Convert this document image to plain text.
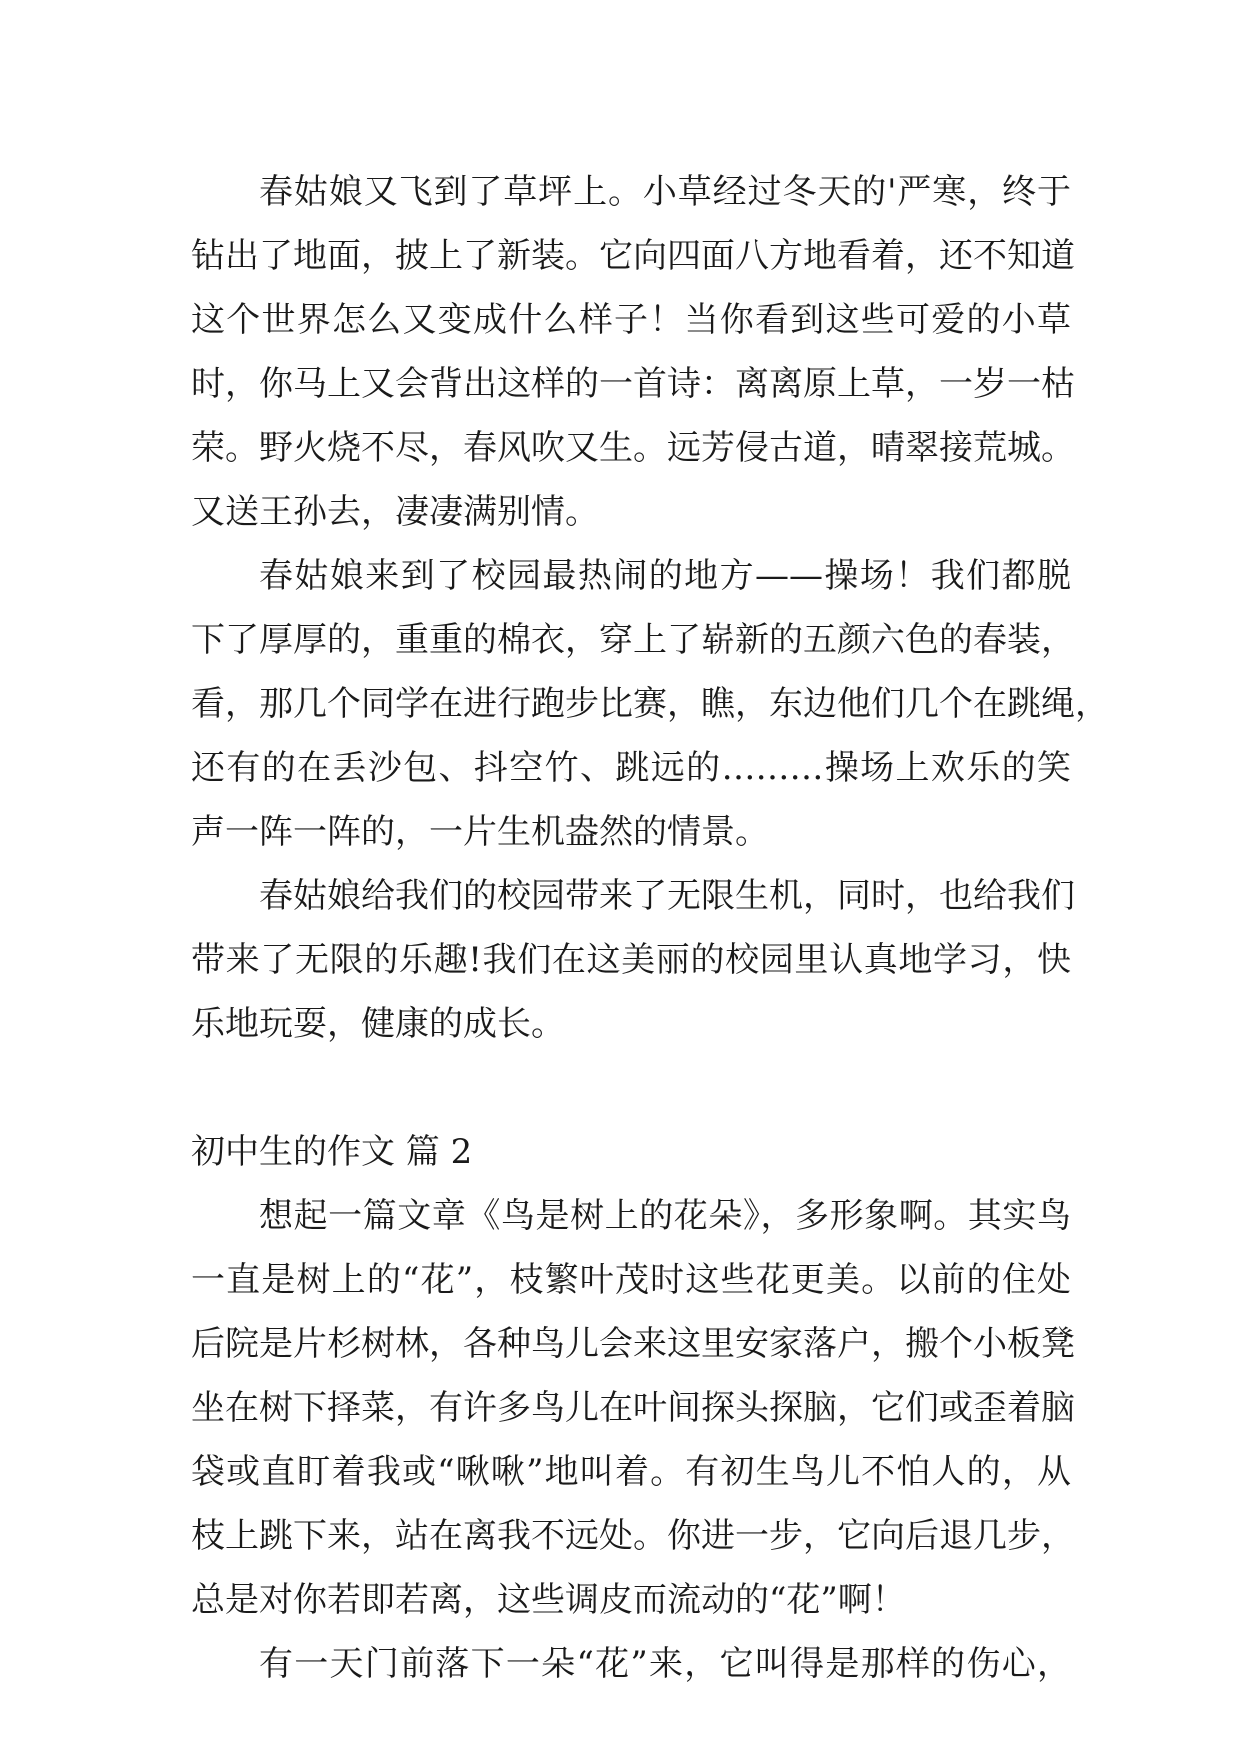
春姑娘又飞到了草坪上。小草经过冬天的'严寒，终于
钻出了地面，披上了新装。它向四面八方地看着，还不知道
这个世界怎么又变成什么样子！当你看到这些可爱的小草
时，你马上又会背出这样的一首诗：离离原上草，一岁一枯
荣。野火烧不尽，春风吹又生。远芳侵古道，晴翠接荒城。
又送王孙去，凄凄满别情。
春姑娘来到了校园最热闹的地方——操场！我们都脱
下了厚厚的，重重的棉衣，穿上了崭新的五颜六色的春装，
看，那几个同学在进行跑步比赛，瞧，东边他们几个在跳绳，
还有的在丢沙包、抖空竹、跳远的………操场上欢乐的笑
声一阵一阵的，一片生机盎然的情景。
春姑娘给我们的校园带来了无限生机，同时，也给我们
带来了无限的乐趣!我们在这美丽的校园里认真地学习，快
乐地玩耍，健康的成长。
初中生的作文 篇 2
想起一篇文章《鸟是树上的花朵》，多形象啊。其实鸟
一直是树上的“花”，枝繁叶茂时这些花更美。以前的住处
后院是片杉树林，各种鸟儿会来这里安家落户，搬个小板凳
坐在树下择菜，有许多鸟儿在叶间探头探脑，它们或歪着脑
袋或直盯着我或“啾啾”地叫着。有初生鸟儿不怕人的，从
枝上跳下来，站在离我不远处。你进一步，它向后退几步，
总是对你若即若离，这些调皮而流动的“花”啊！
有一天门前落下一朵“花”来，它叫得是那样的伤心，
